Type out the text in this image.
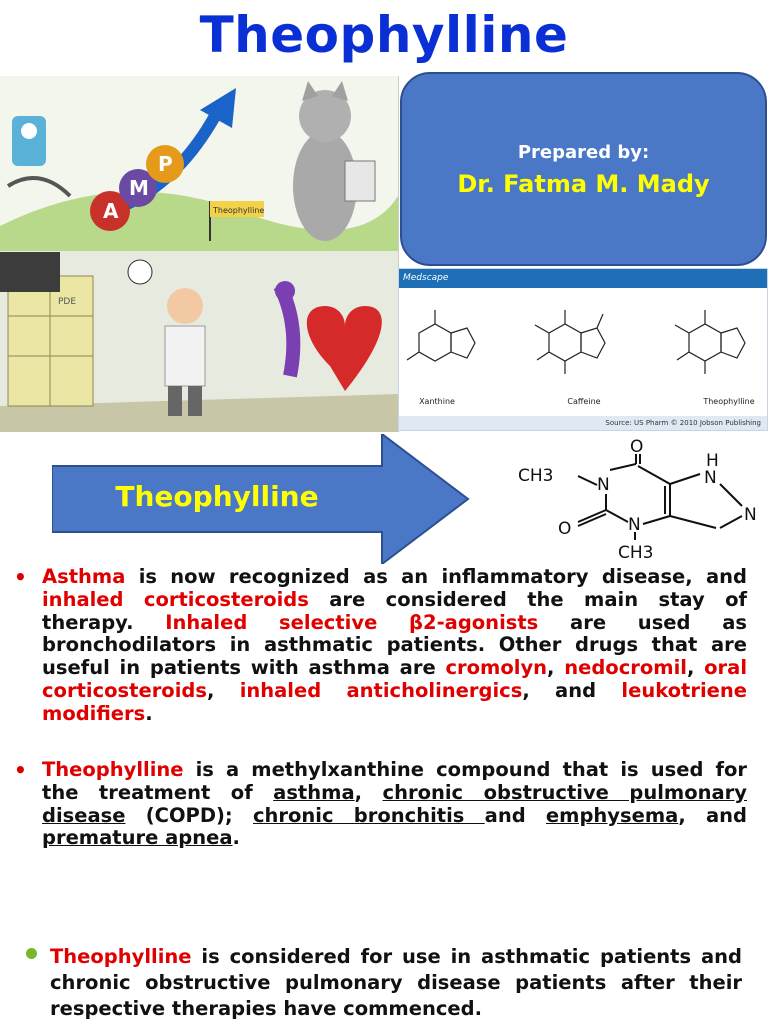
Theophylline
A
M
P
Theophylline
PDE
Prepared by:
Dr. Fatma M. Mady
Medscape
Xanthine	Caffeine	Theophylline
Source: US Pharm © 2010 Jobson Publishing
Theophylline
CH3	N
O
H
N
N
O	N
CH3
• Asthma is now recognized as an inflammatory disease, and inhaled corticosteroids are considered the main stay of therapy. Inhaled selective β2-agonists are used as bronchodilators in asthmatic patients. Other drugs that are useful in patients with asthma are cromolyn, nedocromil, oral corticosteroids, inhaled anticholinergics, and leukotriene modifiers.
• Theophylline is a methylxanthine compound that is used for the treatment of asthma, chronic obstructive pulmonary disease (COPD); chronic bronchitis and emphysema, and premature apnea.
Theophylline is considered for use in asthmatic patients and chronic obstructive pulmonary disease patients after their respective therapies have commenced.
